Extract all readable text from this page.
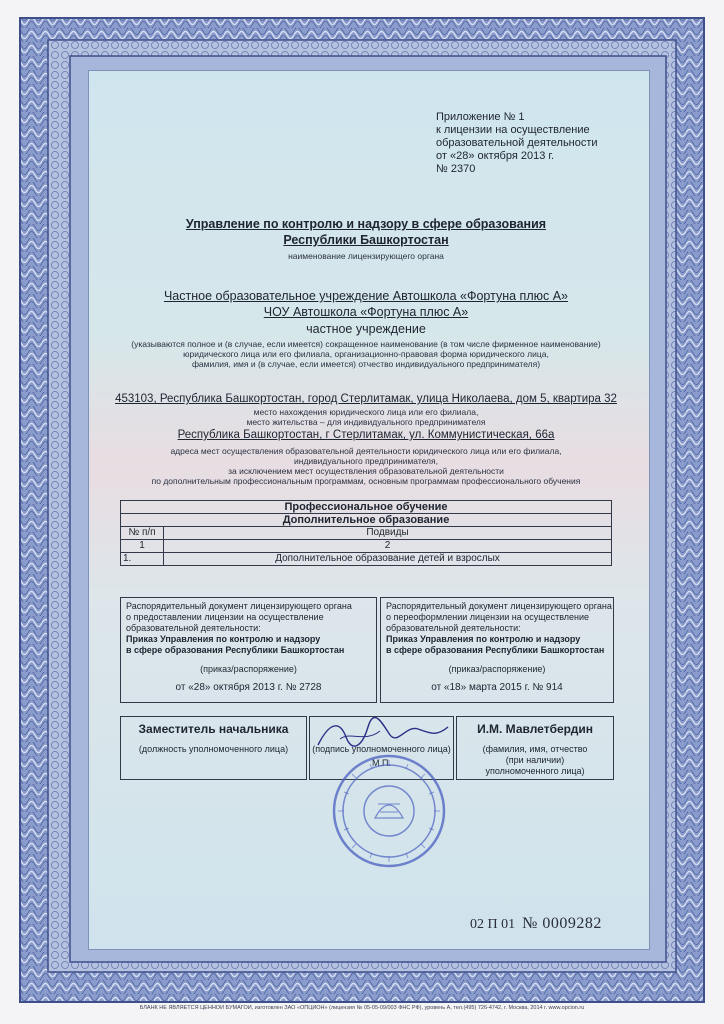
Приложение № 1
к лицензии на осуществление
образовательной деятельности
от «28» октября 2013 г.
№ 2370
Управление по контролю и надзору в сфере образования
Республики Башкортостан
наименование лицензирующего органа
Частное образовательное учреждение Автошкола «Фортуна плюс А»
ЧОУ Автошкола «Фортуна плюс А»
частное учреждение
(указываются полное и (в случае, если имеется) сокращенное наименование (в том числе фирменное наименование)
юридического лица или его филиала, организационно-правовая форма юридического лица,
фамилия, имя и (в случае, если имеется) отчество индивидуального предпринимателя)
453103, Республика Башкортостан, город Стерлитамак, улица Николаева, дом 5, квартира 32
место нахождения юридического лица или его филиала,
место жительства – для индивидуального предпринимателя
Республика Башкортостан, г Стерлитамак, ул. Коммунистическая, 66а
адреса мест осуществления образовательной деятельности юридического лица или его филиала,
индивидуального предпринимателя,
за исключением мест осуществления образовательной деятельности
по дополнительным профессиональным программам, основным программам профессионального обучения
Профессиональное обучение	
Дополнительное образование	
№ п/п	Подвиды
1	2
1.	Дополнительное образование детей и взрослых
Распорядительный документ лицензирующего органа
о предоставлении лицензии на осуществление
образовательной деятельности:
Приказ Управления по контролю и надзору
в сфере образования Республики Башкортостан
(приказ/распоряжение)
от «28» октября 2013 г. № 2728
Распорядительный документ лицензирующего органа
о переоформлении лицензии на осуществление
образовательной деятельности:
Приказ Управления по контролю и надзору
в сфере образования Республики Башкортостан
(приказ/распоряжение)
от «18» марта 2015 г. № 914
Заместитель начальника
(должность уполномоченного лица)	(подпись уполномоченного лица)
М.П.
И.М. Мавлетбердин
(фамилия, имя, отчество
(при наличии)
уполномоченного лица)
02 П 01 № 0009282
БЛАНК НЕ ЯВЛЯЕТСЯ ЦЕННОЙ БУМАГОЙ, изготовлен ЗАО «ОПЦИОН» (лицензия № 05-05-09/003 ФНС РФ), уровень А, тел.(495) 726-4742, г. Москва, 2014 г. www.opcion.ru
